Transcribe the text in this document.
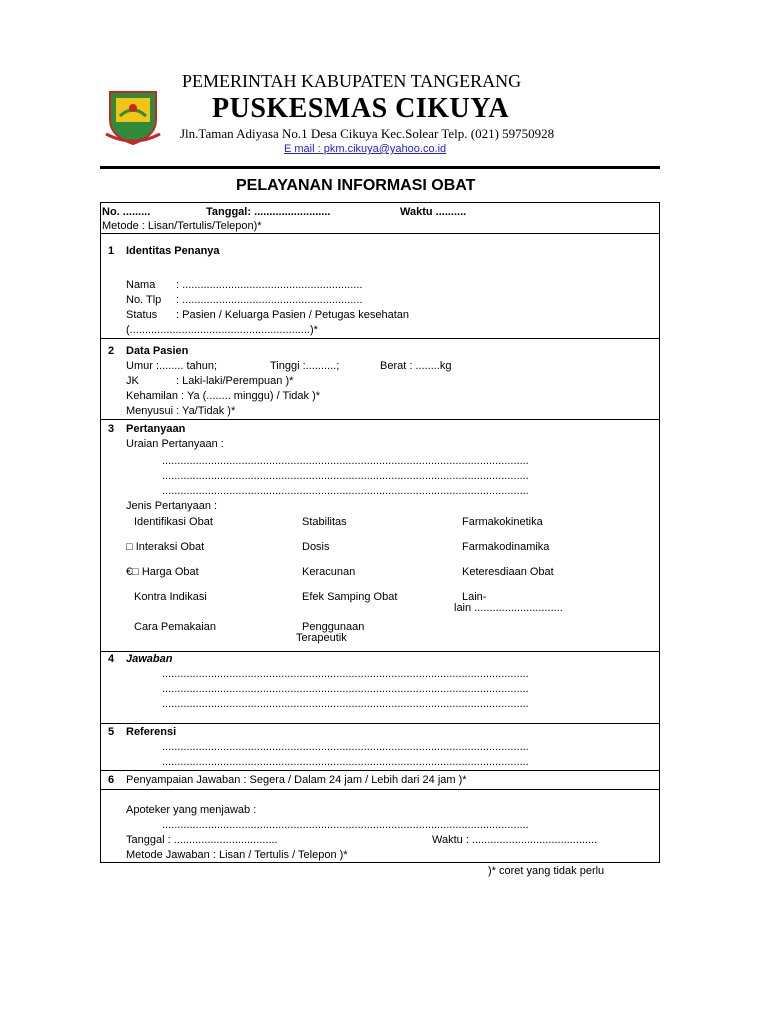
PEMERINTAH KABUPATEN TANGERANG
PUSKESMAS CIKUYA
Jln.Taman Adiyasa No.1 Desa Cikuya Kec.Solear Telp. (021) 59750928
E mail : pkm.cikuya@yahoo.co.id
PELAYANAN INFORMASI OBAT
No. .........	Tanggal: .........................	Waktu ..........
Metode : Lisan/Tertulis/Telepon)*
1 Identitas Penanya
Nama : ...........................................................
No. Tlp : ...........................................................
Status : Pasien / Keluarga Pasien / Petugas kesehatan
(...........................................................)*
2 Data Pasien
Umur :........ tahun;	Tinggi :..........;	Berat : ........kg
JK	: Laki-laki/Perempuan )*
Kehamilan : Ya (........ minggu) / Tidak )*
Menyusui : Ya/Tidak )*
3 Pertanyaan
Uraian Pertanyaan :
........................................................................................................................
........................................................................................................................
........................................................................................................................
Jenis Pertanyaan :
Identifikasi Obat	Stabilitas	Farmakokinetika
□ Interaksi Obat	Dosis	Farmakodinamika
€□ Harga Obat	Keracunan	Keteresdiaan Obat
Kontra Indikasi	Efek Samping Obat	Lain-
lain .............................
Cara Pemakaian	Penggunaan
Terapeutik
4 Jawaban
........................................................................................................................
........................................................................................................................
........................................................................................................................
5 Referensi
........................................................................................................................
........................................................................................................................
6 Penyampaian Jawaban : Segera / Dalam 24 jam / Lebih dari 24 jam )*
Apoteker yang menjawab :
........................................................................................................................
Tanggal : ..................................	Waktu : .........................................
Metode Jawaban : Lisan / Tertulis / Telepon )*
)* coret yang tidak perlu
